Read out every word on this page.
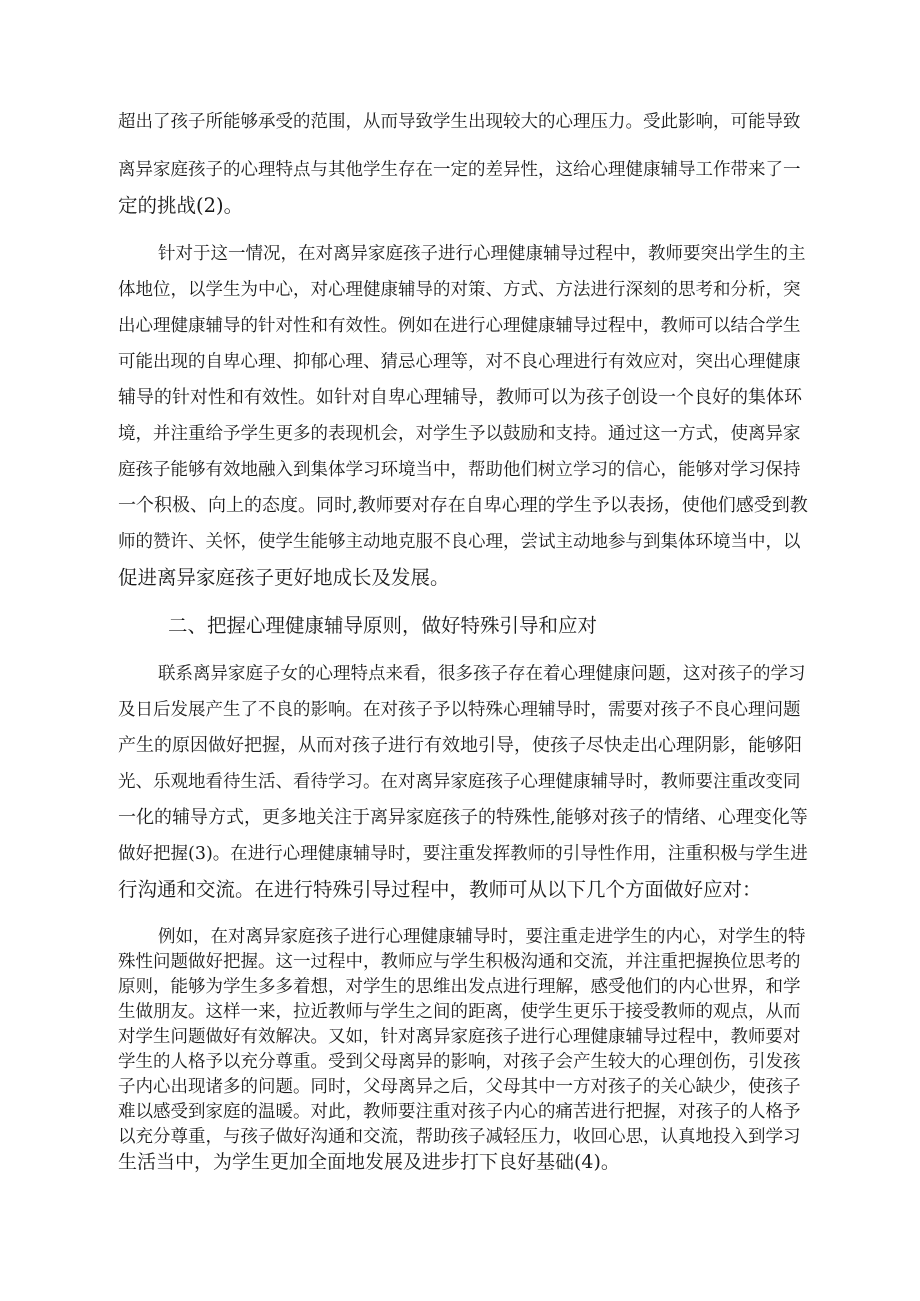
超出了孩子所能够承受的范围，从而导致学生出现较大的心理压力。受此影响，可能导致
离异家庭孩子的心理特点与其他学生存在一定的差异性，这给心理健康辅导工作带来了一
定的挑战(2)。
针对于这一情况，在对离异家庭孩子进行心理健康辅导过程中，教师要突出学生的主
体地位，以学生为中心，对心理健康辅导的对策、方式、方法进行深刻的思考和分析，突
出心理健康辅导的针对性和有效性。例如在进行心理健康辅导过程中，教师可以结合学生
可能出现的自卑心理、抑郁心理、猜忌心理等，对不良心理进行有效应对，突出心理健康
辅导的针对性和有效性。如针对自卑心理辅导，教师可以为孩子创设一个良好的集体环
境，并注重给予学生更多的表现机会，对学生予以鼓励和支持。通过这一方式，使离异家
庭孩子能够有效地融入到集体学习环境当中，帮助他们树立学习的信心，能够对学习保持
一个积极、向上的态度。同时,教师要对存在自卑心理的学生予以表扬，使他们感受到教
师的赞许、关怀，使学生能够主动地克服不良心理，尝试主动地参与到集体环境当中，以
促进离异家庭孩子更好地成长及发展。
二、把握心理健康辅导原则，做好特殊引导和应对
联系离异家庭子女的心理特点来看，很多孩子存在着心理健康问题，这对孩子的学习
及日后发展产生了不良的影响。在对孩子予以特殊心理辅导时，需要对孩子不良心理问题
产生的原因做好把握，从而对孩子进行有效地引导，使孩子尽快走出心理阴影，能够阳
光、乐观地看待生活、看待学习。在对离异家庭孩子心理健康辅导时，教师要注重改变同
一化的辅导方式，更多地关注于离异家庭孩子的特殊性,能够对孩子的情绪、心理变化等
做好把握(3)。在进行心理健康辅导时，要注重发挥教师的引导性作用，注重积极与学生进
行沟通和交流。在进行特殊引导过程中，教师可从以下几个方面做好应对：
例如，在对离异家庭孩子进行心理健康辅导时，要注重走进学生的内心，对学生的特
殊性问题做好把握。这一过程中，教师应与学生积极沟通和交流，并注重把握换位思考的
原则，能够为学生多多着想，对学生的思维出发点进行理解，感受他们的内心世界，和学
生做朋友。这样一来，拉近教师与学生之间的距离，使学生更乐于接受教师的观点，从而
对学生问题做好有效解决。又如，针对离异家庭孩子进行心理健康辅导过程中，教师要对
学生的人格予以充分尊重。受到父母离异的影响，对孩子会产生较大的心理创伤，引发孩
子内心出现诸多的问题。同时，父母离异之后，父母其中一方对孩子的关心缺少，使孩子
难以感受到家庭的温暖。对此，教师要注重对孩子内心的痛苦进行把握，对孩子的人格予
以充分尊重，与孩子做好沟通和交流，帮助孩子减轻压力，收回心思，认真地投入到学习
生活当中，为学生更加全面地发展及进步打下良好基础(4)。
